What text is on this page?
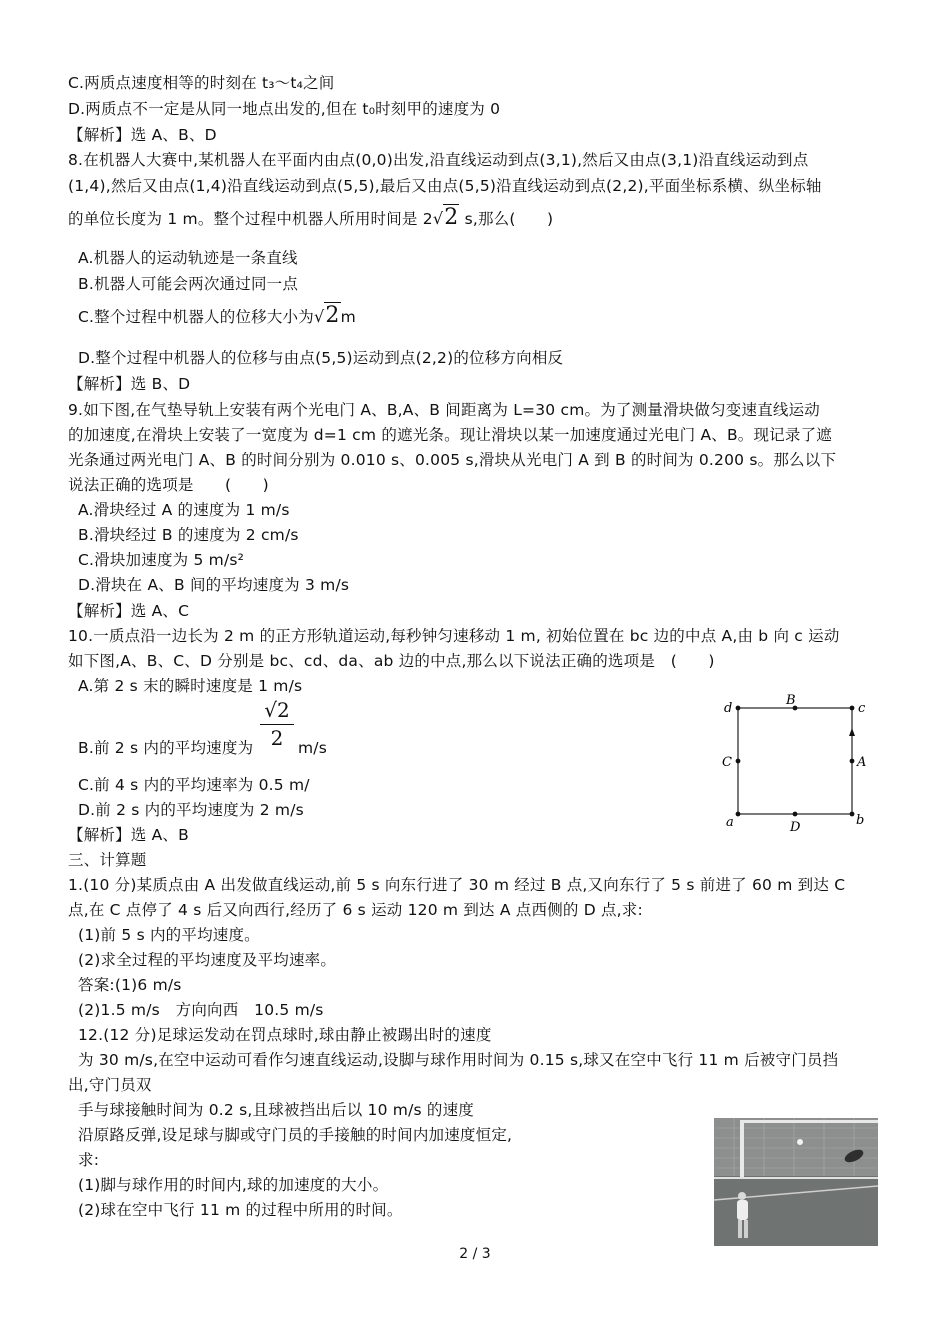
C.两质点速度相等的时刻在 t₃～t₄之间
D.两质点不一定是从同一地点出发的,但在 t₀时刻甲的速度为 0
【解析】选 A、B、D
8.在机器人大赛中,某机器人在平面内由点(0,0)出发,沿直线运动到点(3,1),然后又由点(3,1)沿直线运动到点
(1,4),然后又由点(1,4)沿直线运动到点(5,5),最后又由点(5,5)沿直线运动到点(2,2),平面坐标系横、纵坐标轴
的单位长度为 1 m。整个过程中机器人所用时间是 2√2 s,那么(　　)
A.机器人的运动轨迹是一条直线
B.机器人可能会两次通过同一点
C.整个过程中机器人的位移大小为√2m
D.整个过程中机器人的位移与由点(5,5)运动到点(2,2)的位移方向相反
【解析】选 B、D
9.如下图,在气垫导轨上安装有两个光电门 A、B,A、B 间距离为 L=30 cm。为了测量滑块做匀变速直线运动
的加速度,在滑块上安装了一宽度为 d=1 cm 的遮光条。现让滑块以某一加速度通过光电门 A、B。现记录了遮
光条通过两光电门 A、B 的时间分别为 0.010 s、0.005 s,滑块从光电门 A 到 B 的时间为 0.200 s。那么以下
说法正确的选项是　　(　　)
A.滑块经过 A 的速度为 1 m/s
B.滑块经过 B 的速度为 2 cm/s
C.滑块加速度为 5 m/s²
D.滑块在 A、B 间的平均速度为 3 m/s
【解析】选 A、C
10.一质点沿一边长为 2 m 的正方形轨道运动,每秒钟匀速移动 1 m, 初始位置在 bc 边的中点 A,由 b 向 c 运动
如下图,A、B、C、D 分别是 bc、cd、da、ab 边的中点,那么以下说法正确的选项是　(　　)
A.第 2 s 末的瞬时速度是 1 m/s
√2
2
B.前 2 s 内的平均速度为	m/s
C.前 4 s 内的平均速率为 0.5 m/
D.前 2 s 内的平均速度为 2 m/s
【解析】选 A、B
d	c
a	b
B
C	A
D
三、计算题
1.(10 分)某质点由 A 出发做直线运动,前 5 s 向东行进了 30 m 经过 B 点,又向东行了 5 s 前进了 60 m 到达 C
点,在 C 点停了 4 s 后又向西行,经历了 6 s 运动 120 m 到达 A 点西侧的 D 点,求:
(1)前 5 s 内的平均速度。
(2)求全过程的平均速度及平均速率。
答案:(1)6 m/s
(2)1.5 m/s　方向向西　10.5 m/s
12.(12 分)足球运发动在罚点球时,球由静止被踢出时的速度
为 30 m/s,在空中运动可看作匀速直线运动,设脚与球作用时间为 0.15 s,球又在空中飞行 11 m 后被守门员挡
出,守门员双
手与球接触时间为 0.2 s,且球被挡出后以 10 m/s 的速度
沿原路反弹,设足球与脚或守门员的手接触的时间内加速度恒定,
求:
(1)脚与球作用的时间内,球的加速度的大小。
(2)球在空中飞行 11 m 的过程中所用的时间。
2 / 3
